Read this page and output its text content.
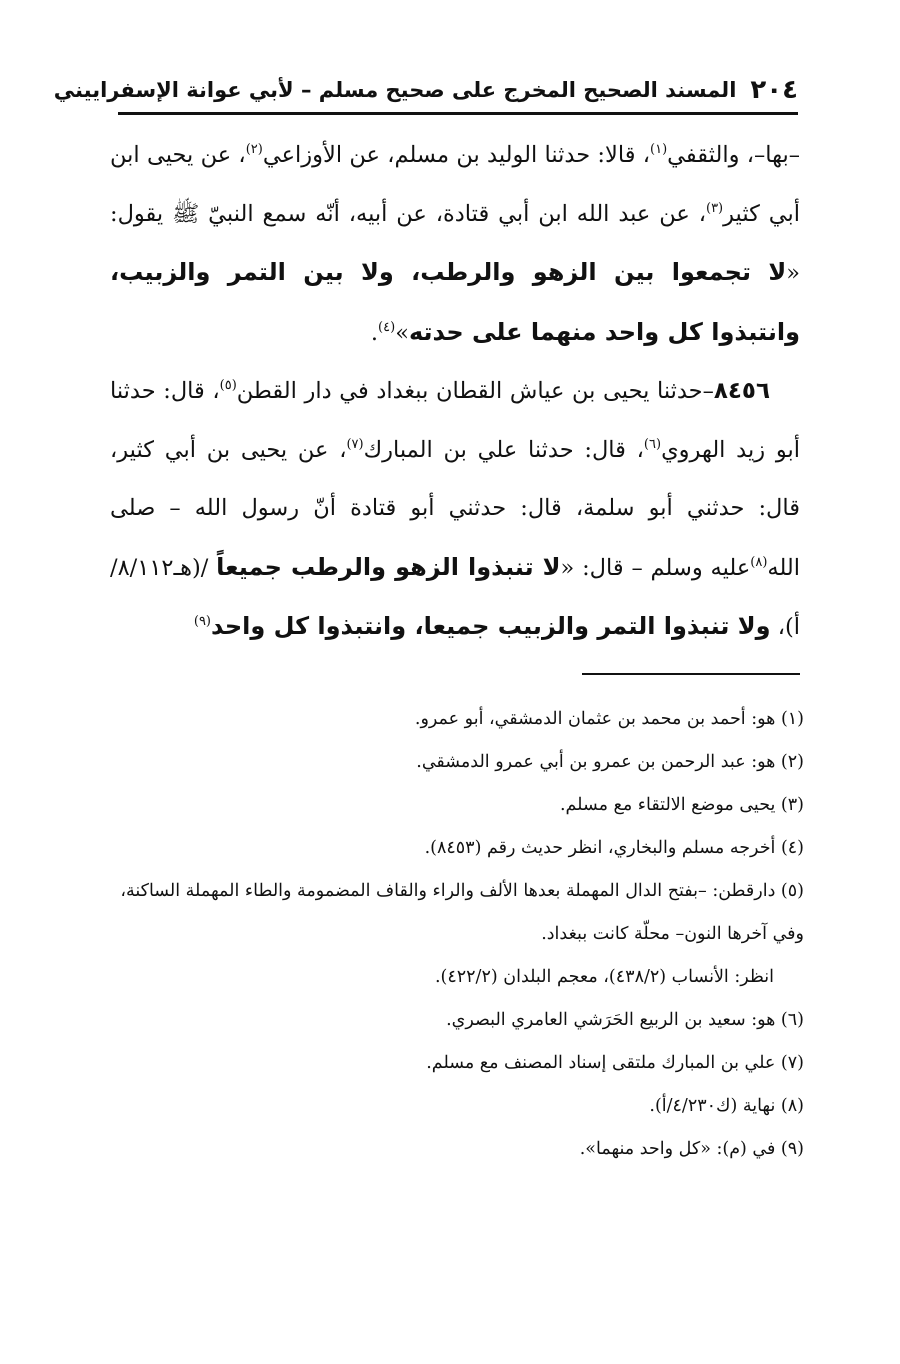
٢٠٤
المسند الصحيح المخرج على صحيح مسلم – لأبي عوانة الإسفراييني

–بها–، والثقفي$^{(١)}$، قالا: حدثنا الوليد بن مسلم، عن الأوزاعي$^{(٢)}$، عن يحيى ابن أبي كثير$^{(٣)}$، عن عبد الله ابن أبي قتادة، عن أبيه، أنّه سمع النبيّ ﷺ يقول: «لا تجمعوا بين الزهو والرطب، ولا بين التمر والزبيب، وانتبذوا كل واحد منهما على حدته»$^{(٤)}$.

٨٤٥٦–حدثنا يحيى بن عياش القطان ببغداد في دار القطن$^{(٥)}$، قال: حدثنا أبو زيد الهروي$^{(٦)}$، قال: حدثنا علي بن المبارك$^{(٧)}$، عن يحيى بن أبي كثير، قال: حدثني أبو سلمة، قال: حدثني أبو قتادة أنّ رسول الله – صلى الله$^{(٨)}$عليه وسلم – قال: «لا تنبذوا الزهو والرطب جميعاً /(هـ٨/١١٢/أ)، ولا تنبذوا التمر والزبيب جميعا، وانتبذوا كل واحد$^{(٩)}$

(١) هو: أحمد بن محمد بن عثمان الدمشقي، أبو عمرو.

(٢) هو: عبد الرحمن بن عمرو بن أبي عمرو الدمشقي.

(٣) يحيى موضع الالتقاء مع مسلم.

(٤) أخرجه مسلم والبخاري، انظر حديث رقم (٨٤٥٣).

(٥) دارقطن: –بفتح الدال المهملة بعدها الألف والراء والقاف المضمومة والطاء المهملة الساكنة، وفي آخرها النون– محلّة كانت ببغداد.

انظر: الأنساب (٤٣٨/٢)، معجم البلدان (٤٢٢/٢).

(٦) هو: سعيد بن الربيع الحَرَشي العامري البصري.

(٧) علي بن المبارك ملتقى إسناد المصنف مع مسلم.

(٨) نهاية (ك٤/٢٣٠/أ).

(٩) في (م): «كل واحد منهما».
